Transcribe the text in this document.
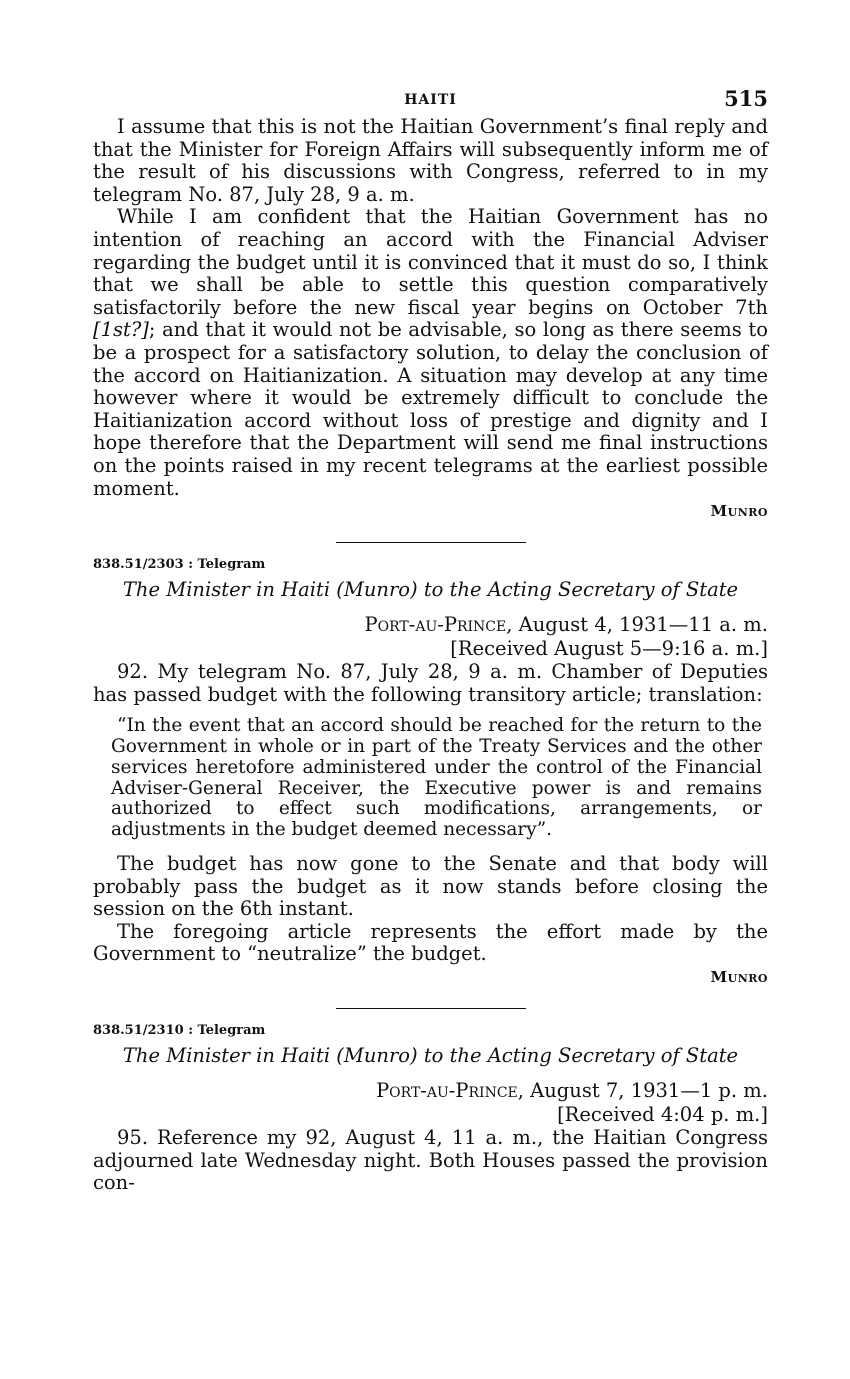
HAITI	515

I assume that this is not the Haitian Government’s final reply and that the Minister for Foreign Affairs will subsequently inform me of the result of his discussions with Congress, referred to in my telegram No. 87, July 28, 9 a. m.

While I am confident that the Haitian Government has no intention of reaching an accord with the Financial Adviser regarding the budget until it is convinced that it must do so, I think that we shall be able to settle this question comparatively satisfactorily before the new fiscal year begins on October 7th [1st?]; and that it would not be advisable, so long as there seems to be a prospect for a satisfactory solution, to delay the conclusion of the accord on Haitianization. A situation may develop at any time however where it would be extremely difficult to conclude the Haitianization accord without loss of prestige and dignity and I hope therefore that the Department will send me final instructions on the points raised in my recent telegrams at the earliest possible moment.

Munro
838.51/2303 : Telegram
The Minister in Haiti (Munro) to the Acting Secretary of State
Port-au-Prince, August 4, 1931—11 a. m.
[Received August 5—9:16 a. m.]

92. My telegram No. 87, July 28, 9 a. m. Chamber of Deputies has passed budget with the following transitory article; translation:

“In the event that an accord should be reached for the return to the Government in whole or in part of the Treaty Services and the other services heretofore administered under the control of the Financial Adviser-General Receiver, the Executive power is and remains authorized to effect such modifications, arrangements, or adjustments in the budget deemed necessary”.

The budget has now gone to the Senate and that body will probably pass the budget as it now stands before closing the session on the 6th instant.

The foregoing article represents the effort made by the Government to “neutralize” the budget.

Munro
838.51/2310 : Telegram
The Minister in Haiti (Munro) to the Acting Secretary of State
Port-au-Prince, August 7, 1931—1 p. m.
[Received 4:04 p. m.]

95. Reference my 92, August 4, 11 a. m., the Haitian Congress adjourned late Wednesday night. Both Houses passed the provision con-
